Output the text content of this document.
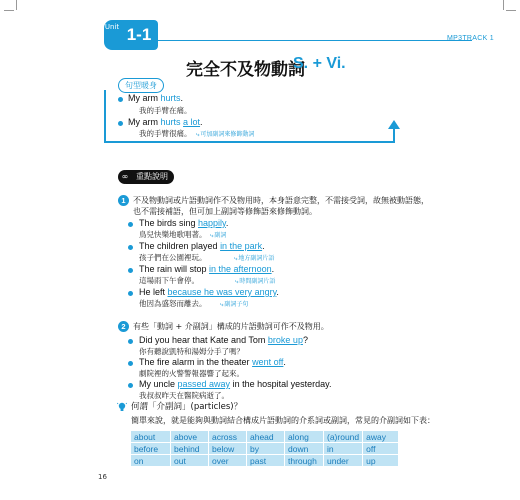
Unit 1-1	MP3TRACK 1
完全不及物動詞
S. + Vi.
句型暖身
My arm hurts.
我的手臂在痛。
My arm hurts a lot.
我的手臂很痛。	⤷ 可加副詞來修飾動詞
重點說明
∞
1 不及物動詞或片語動詞作不及物用時，本身語意完整，不需接受詞，故無被動語態，
也不需接補語，但可加上副詞等修飾語來修飾動詞。
The birds sing happily.
鳥兒快樂地歌唱著。	⤷ 副詞
The children played in the park.
孩子們在公園裡玩。	⤷ 地方副詞片語
The rain will stop in the afternoon.
這場雨下午會停。	⤷ 時間副詞片語
He left because he was very angry.
他因為盛怒而離去。	⤷ 副詞子句
2 有些「動詞 + 介副詞」構成的片語動詞可作不及物用。
Did you hear that Kate and Tom broke up?
你有聽說凱特和湯姆分手了嗎？
The fire alarm in the theater went off.
劇院裡的火警警報器響了起來。
My uncle passed away in the hospital yesterday.
我叔叔昨天在醫院病逝了。
何謂「介副詞」(particles)？
簡單來說，就是能夠與動詞結合構成片語動詞的介系詞或副詞，常見的介副詞如下表：
about	above	across	ahead	along	(a)round	away
before	behind	below	by	down	in	off
on	out	over	past	through	under	up
16
